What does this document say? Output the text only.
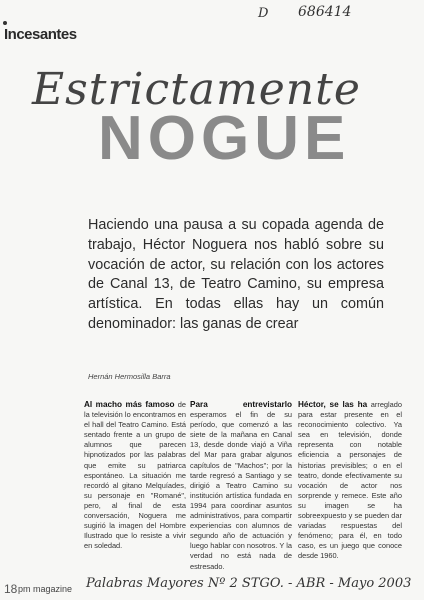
Incesantes
D 686414
Estrictamente
NOGUE
Haciendo una pausa a su copada agenda de trabajo, Héctor Noguera nos habló sobre su vocación de actor, su relación con los actores de Canal 13, de Teatro Camino, su empresa artística. En todas ellas hay un común denominador: las ganas de crear
Hernán Hermosilla Barra
Al macho más famoso de la televisión lo encontramos en el hall del Teatro Camino. Está sentado frente a un grupo de alumnos que parecen hipnotizados por las palabras que emite su patriarca espontáneo. La situación me recordó al gitano Melquíades, su personaje en "Romané", pero, al final de esta conversación, Noguera me sugirió la imagen del Hombre Ilustrado que lo resiste a vivir en soledad.
Para entrevistarlo esperamos el fin de su período, que comenzó a las siete de la mañana en Canal 13, desde donde viajó a Viña del Mar para grabar algunos capítulos de "Machos"; por la tarde regresó a Santiago y se dirigió a Teatro Camino su institución artística fundada en 1994 para coordinar asuntos administrativos, para compartir experiencias con alumnos de segundo año de actuación y luego hablar con nosotros. Y la verdad no está nada de estresado.
Héctor, se las ha arreglado para estar presente en el reconocimiento colectivo. Ya sea en televisión, donde representa con notable eficiencia a personajes de historias previsibles; o en el teatro, donde efectivamente su vocación de actor nos sorprende y remece. Este año su imagen se ha sobreexpuesto y se pueden dar variadas respuestas del fenómeno; para él, en todo caso, es un juego que conoce desde 1960.
18 pm magazine Palabras Mayores Nº 2 STGO. - ABR - Mayo 2003
